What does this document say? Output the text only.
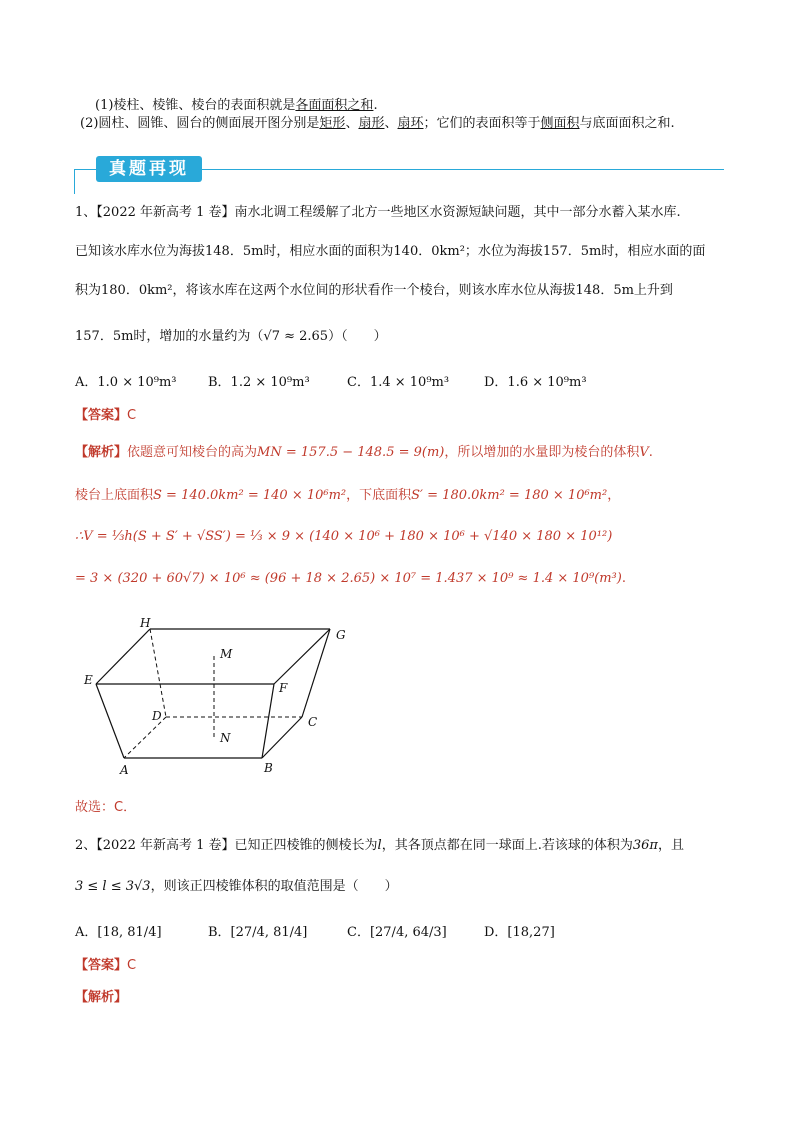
(1)棱柱、棱锥、棱台的表面积就是各面面积之和.
(2)圆柱、圆锥、圆台的侧面展开图分别是矩形、扇形、扇环；它们的表面积等于侧面积与底面面积之和.
真题再现
1、【2022 年新高考 1 卷】南水北调工程缓解了北方一些地区水资源短缺问题，其中一部分水蓄入某水库.
已知该水库水位为海拔148．5m时，相应水面的面积为140．0km²；水位为海拔157．5m时，相应水面的面
积为180．0km²，将该水库在这两个水位间的形状看作一个棱台，则该水库水位从海拔148．5m上升到
157．5m时，增加的水量约为（√7 ≈ 2.65）（　　）
A．1.0 × 10⁹m³ B．1.2 × 10⁹m³	C．1.4 × 10⁹m³	D．1.6 × 10⁹m³
【答案】C
【解析】依题意可知棱台的高为MN = 157.5 − 148.5 = 9(m)，所以增加的水量即为棱台的体积V.
棱台上底面积S = 140.0km² = 140 × 10⁶m²，下底面积S′ = 180.0km² = 180 × 10⁶m²，
∴V = ⅓h(S + S′ + √SS′) = ⅓ × 9 × (140 × 10⁶ + 180 × 10⁶ + √140 × 180 × 10¹²)
= 3 × (320 + 60√7) × 10⁶ ≈ (96 + 18 × 2.65) × 10⁷ = 1.437 × 10⁹ ≈ 1.4 × 10⁹(m³).
H
G
E
F
M
N
D	C
A	B
故选：C．
2、【2022 年新高考 1 卷】已知正四棱锥的侧棱长为l，其各顶点都在同一球面上.若该球的体积为36π，且
3 ≤ l ≤ 3√3，则该正四棱锥体积的取值范围是（　　）
A．[18, 81/4]	B．[27/4, 81/4]	C．[27/4, 64/3]	D．[18,27]
【答案】C
【解析】
